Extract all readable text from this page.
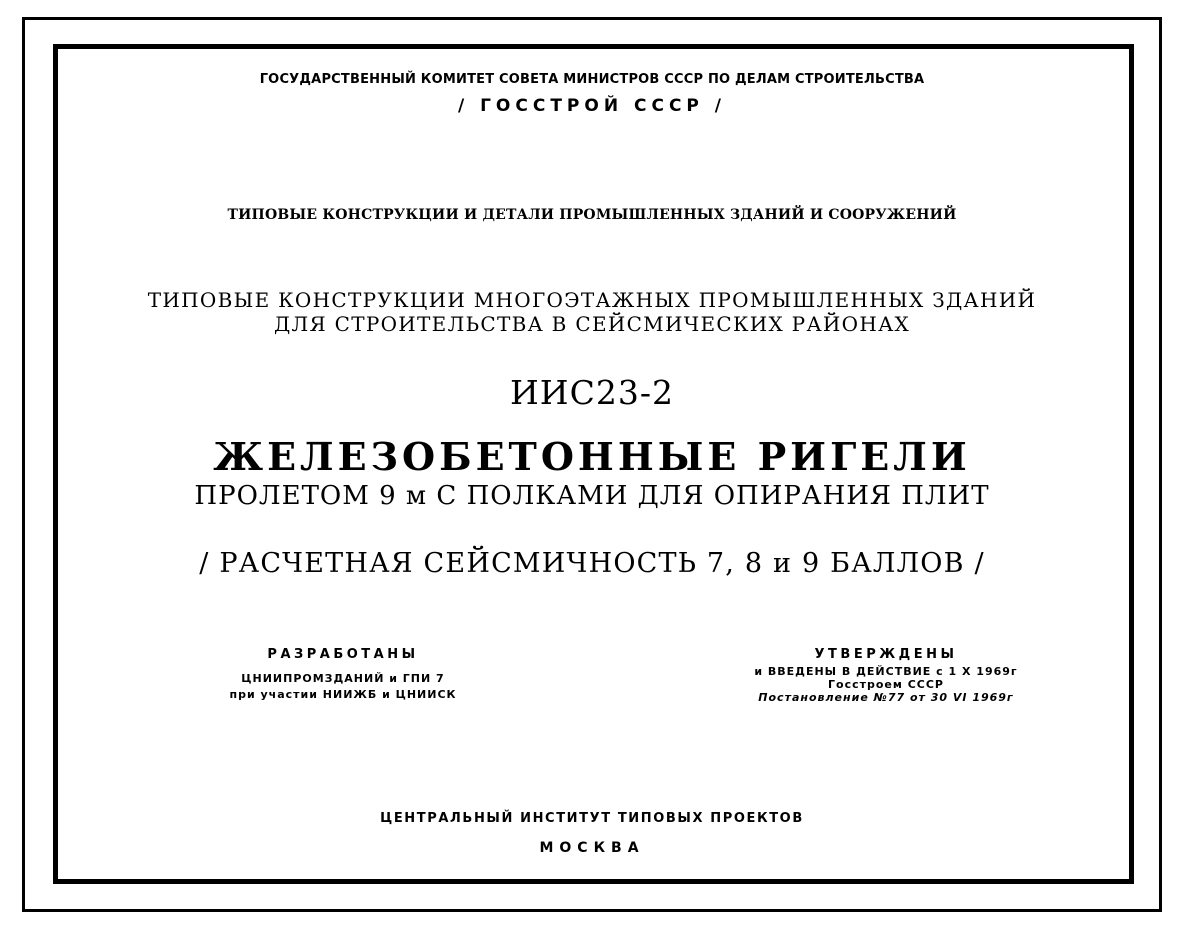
ГОСУДАРСТВЕННЫЙ КОМИТЕТ СОВЕТА МИНИСТРОВ СССР ПО ДЕЛАМ СТРОИТЕЛЬСТВА
/ ГОССТРОЙ СССР /
ТИПОВЫЕ КОНСТРУКЦИИ И ДЕТАЛИ ПРОМЫШЛЕННЫХ ЗДАНИЙ И СООРУЖЕНИЙ
ТИПОВЫЕ КОНСТРУКЦИИ МНОГОЭТАЖНЫХ ПРОМЫШЛЕННЫХ ЗДАНИЙ
ДЛЯ СТРОИТЕЛЬСТВА В СЕЙСМИЧЕСКИХ РАЙОНАХ
ИИС23-2
ЖЕЛЕЗОБЕТОННЫЕ РИГЕЛИ
ПРОЛЕТОМ 9 м С ПОЛКАМИ ДЛЯ ОПИРАНИЯ ПЛИТ
/ РАСЧЕТНАЯ СЕЙСМИЧНОСТЬ 7, 8 и 9 БАЛЛОВ /
РАЗРАБОТАНЫ
ЦНИИПРОМЗДАНИЙ и ГПИ 7
при участии НИИЖБ и ЦНИИСК
УТВЕРЖДЕНЫ
и ВВЕДЕНЫ В ДЕЙСТВИЕ с 1 X 1969г
Госстроем СССР
Постановление №77 от 30 VI 1969г
ЦЕНТРАЛЬНЫЙ ИНСТИТУТ ТИПОВЫХ ПРОЕКТОВ
МОСКВА
